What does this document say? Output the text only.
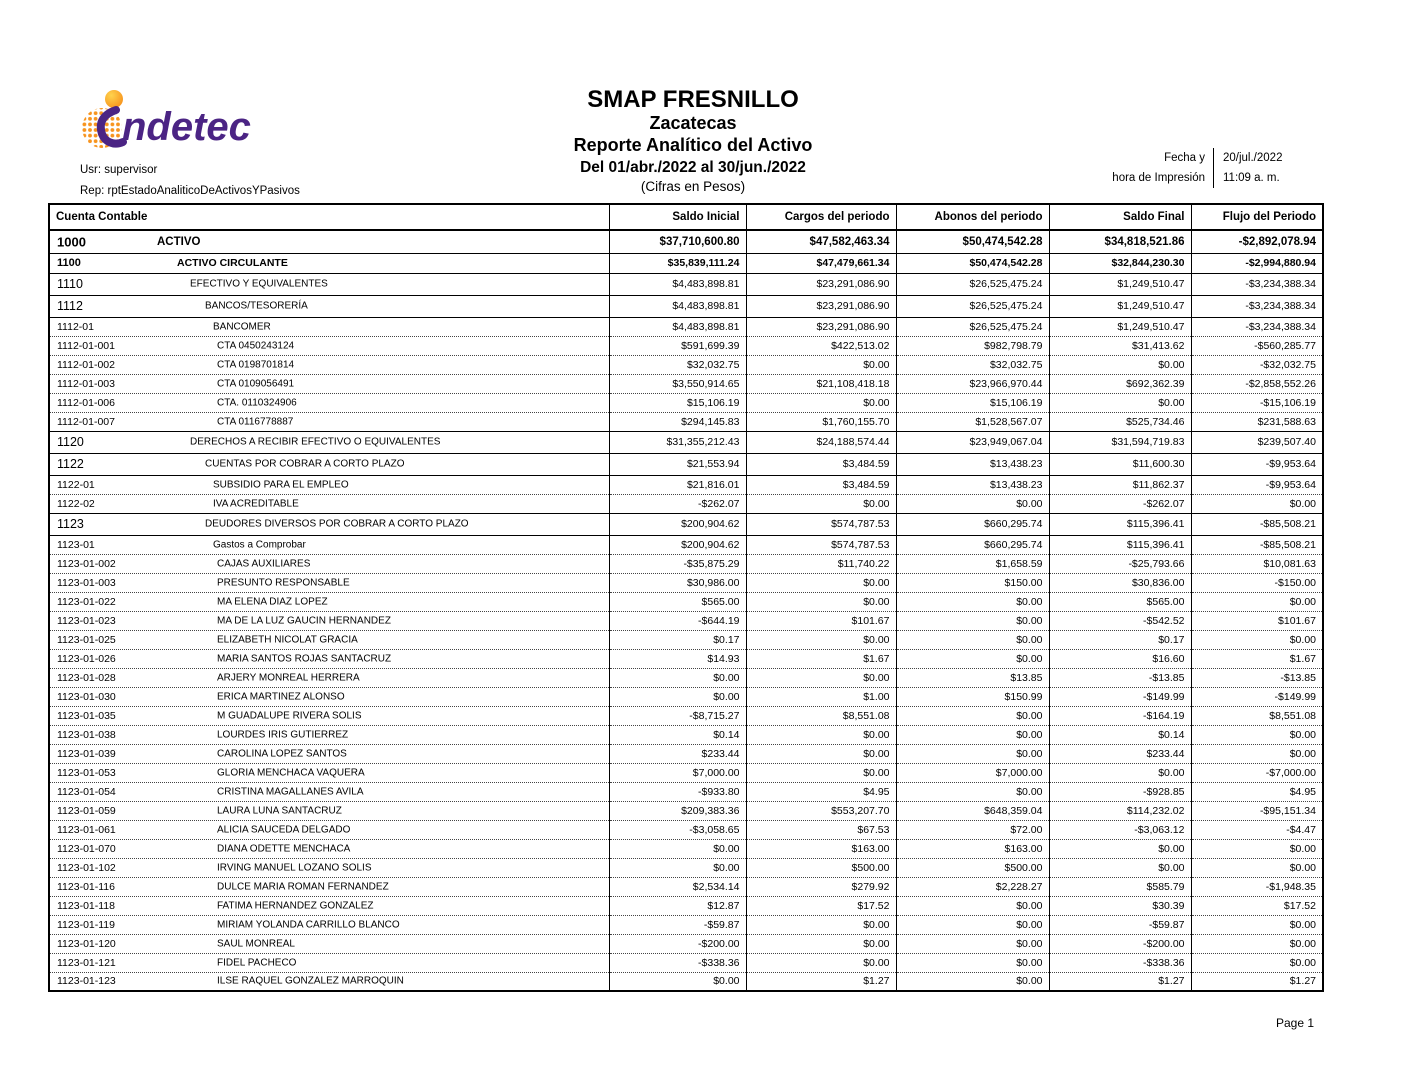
ndetec
Usr: supervisor
Rep: rptEstadoAnaliticoDeActivosYPasivos
SMAP FRESNILLO
Zacatecas
Reporte Analítico del Activo
Del 01/abr./2022 al 30/jun./2022
(Cifras en Pesos)
Fecha y	20/jul./2022
hora de Impresión	11:09 a. m.
Cuenta Contable	Saldo Inicial	Cargos del periodo	Abonos del periodo	Saldo Final	Flujo del Periodo

1000 ACTIVO	$37,710,600.80	$47,582,463.34	$50,474,542.28	$34,818,521.86	-$2,892,078.94

1100 ACTIVO CIRCULANTE	$35,839,111.24	$47,479,661.34	$50,474,542.28	$32,844,230.30	-$2,994,880.94

1110 EFECTIVO Y EQUIVALENTES	$4,483,898.81	$23,291,086.90	$26,525,475.24	$1,249,510.47	-$3,234,388.34

1112 BANCOS/TESORERÍA	$4,483,898.81	$23,291,086.90	$26,525,475.24	$1,249,510.47	-$3,234,388.34

1112-01 BANCOMER	$4,483,898.81	$23,291,086.90	$26,525,475.24	$1,249,510.47	-$3,234,388.34

1112-01-001 CTA 0450243124	$591,699.39	$422,513.02	$982,798.79	$31,413.62	-$560,285.77

1112-01-002 CTA 0198701814	$32,032.75	$0.00	$32,032.75	$0.00	-$32,032.75

1112-01-003 CTA 0109056491	$3,550,914.65	$21,108,418.18	$23,966,970.44	$692,362.39	-$2,858,552.26

1112-01-006 CTA. 0110324906	$15,106.19	$0.00	$15,106.19	$0.00	-$15,106.19

1112-01-007 CTA 0116778887	$294,145.83	$1,760,155.70	$1,528,567.07	$525,734.46	$231,588.63

1120 DERECHOS A RECIBIR EFECTIVO O EQUIVALENTES	$31,355,212.43	$24,188,574.44	$23,949,067.04	$31,594,719.83	$239,507.40

1122 CUENTAS POR COBRAR A CORTO PLAZO	$21,553.94	$3,484.59	$13,438.23	$11,600.30	-$9,953.64

1122-01 SUBSIDIO PARA EL EMPLEO	$21,816.01	$3,484.59	$13,438.23	$11,862.37	-$9,953.64

1122-02 IVA ACREDITABLE	-$262.07	$0.00	$0.00	-$262.07	$0.00

1123 DEUDORES DIVERSOS POR COBRAR A CORTO PLAZO	$200,904.62	$574,787.53	$660,295.74	$115,396.41	-$85,508.21

1123-01 Gastos a Comprobar	$200,904.62	$574,787.53	$660,295.74	$115,396.41	-$85,508.21

1123-01-002 CAJAS AUXILIARES	-$35,875.29	$11,740.22	$1,658.59	-$25,793.66	$10,081.63

1123-01-003 PRESUNTO RESPONSABLE	$30,986.00	$0.00	$150.00	$30,836.00	-$150.00

1123-01-022 MA ELENA DIAZ LOPEZ	$565.00	$0.00	$0.00	$565.00	$0.00

1123-01-023 MA DE LA LUZ GAUCIN HERNANDEZ	-$644.19	$101.67	$0.00	-$542.52	$101.67

1123-01-025 ELIZABETH NICOLAT GRACIA	$0.17	$0.00	$0.00	$0.17	$0.00

1123-01-026 MARIA SANTOS ROJAS SANTACRUZ	$14.93	$1.67	$0.00	$16.60	$1.67

1123-01-028 ARJERY MONREAL HERRERA	$0.00	$0.00	$13.85	-$13.85	-$13.85

1123-01-030 ERICA MARTINEZ ALONSO	$0.00	$1.00	$150.99	-$149.99	-$149.99

1123-01-035 M GUADALUPE RIVERA SOLIS	-$8,715.27	$8,551.08	$0.00	-$164.19	$8,551.08

1123-01-038 LOURDES IRIS GUTIERREZ	$0.14	$0.00	$0.00	$0.14	$0.00

1123-01-039 CAROLINA LOPEZ SANTOS	$233.44	$0.00	$0.00	$233.44	$0.00

1123-01-053 GLORIA MENCHACA VAQUERA	$7,000.00	$0.00	$7,000.00	$0.00	-$7,000.00

1123-01-054 CRISTINA MAGALLANES AVILA	-$933.80	$4.95	$0.00	-$928.85	$4.95

1123-01-059 LAURA LUNA SANTACRUZ	$209,383.36	$553,207.70	$648,359.04	$114,232.02	-$95,151.34

1123-01-061 ALICIA SAUCEDA DELGADO	-$3,058.65	$67.53	$72.00	-$3,063.12	-$4.47

1123-01-070 DIANA ODETTE MENCHACA	$0.00	$163.00	$163.00	$0.00	$0.00

1123-01-102 IRVING MANUEL LOZANO SOLIS	$0.00	$500.00	$500.00	$0.00	$0.00

1123-01-116 DULCE MARIA ROMAN FERNANDEZ	$2,534.14	$279.92	$2,228.27	$585.79	-$1,948.35

1123-01-118 FATIMA HERNANDEZ GONZALEZ	$12.87	$17.52	$0.00	$30.39	$17.52

1123-01-119 MIRIAM YOLANDA CARRILLO BLANCO	-$59.87	$0.00	$0.00	-$59.87	$0.00

1123-01-120 SAUL MONREAL	-$200.00	$0.00	$0.00	-$200.00	$0.00

1123-01-121 FIDEL PACHECO	-$338.36	$0.00	$0.00	-$338.36	$0.00

1123-01-123 ILSE RAQUEL GONZALEZ MARROQUIN	$0.00	$1.27	$0.00	$1.27	$1.27
Page 1
